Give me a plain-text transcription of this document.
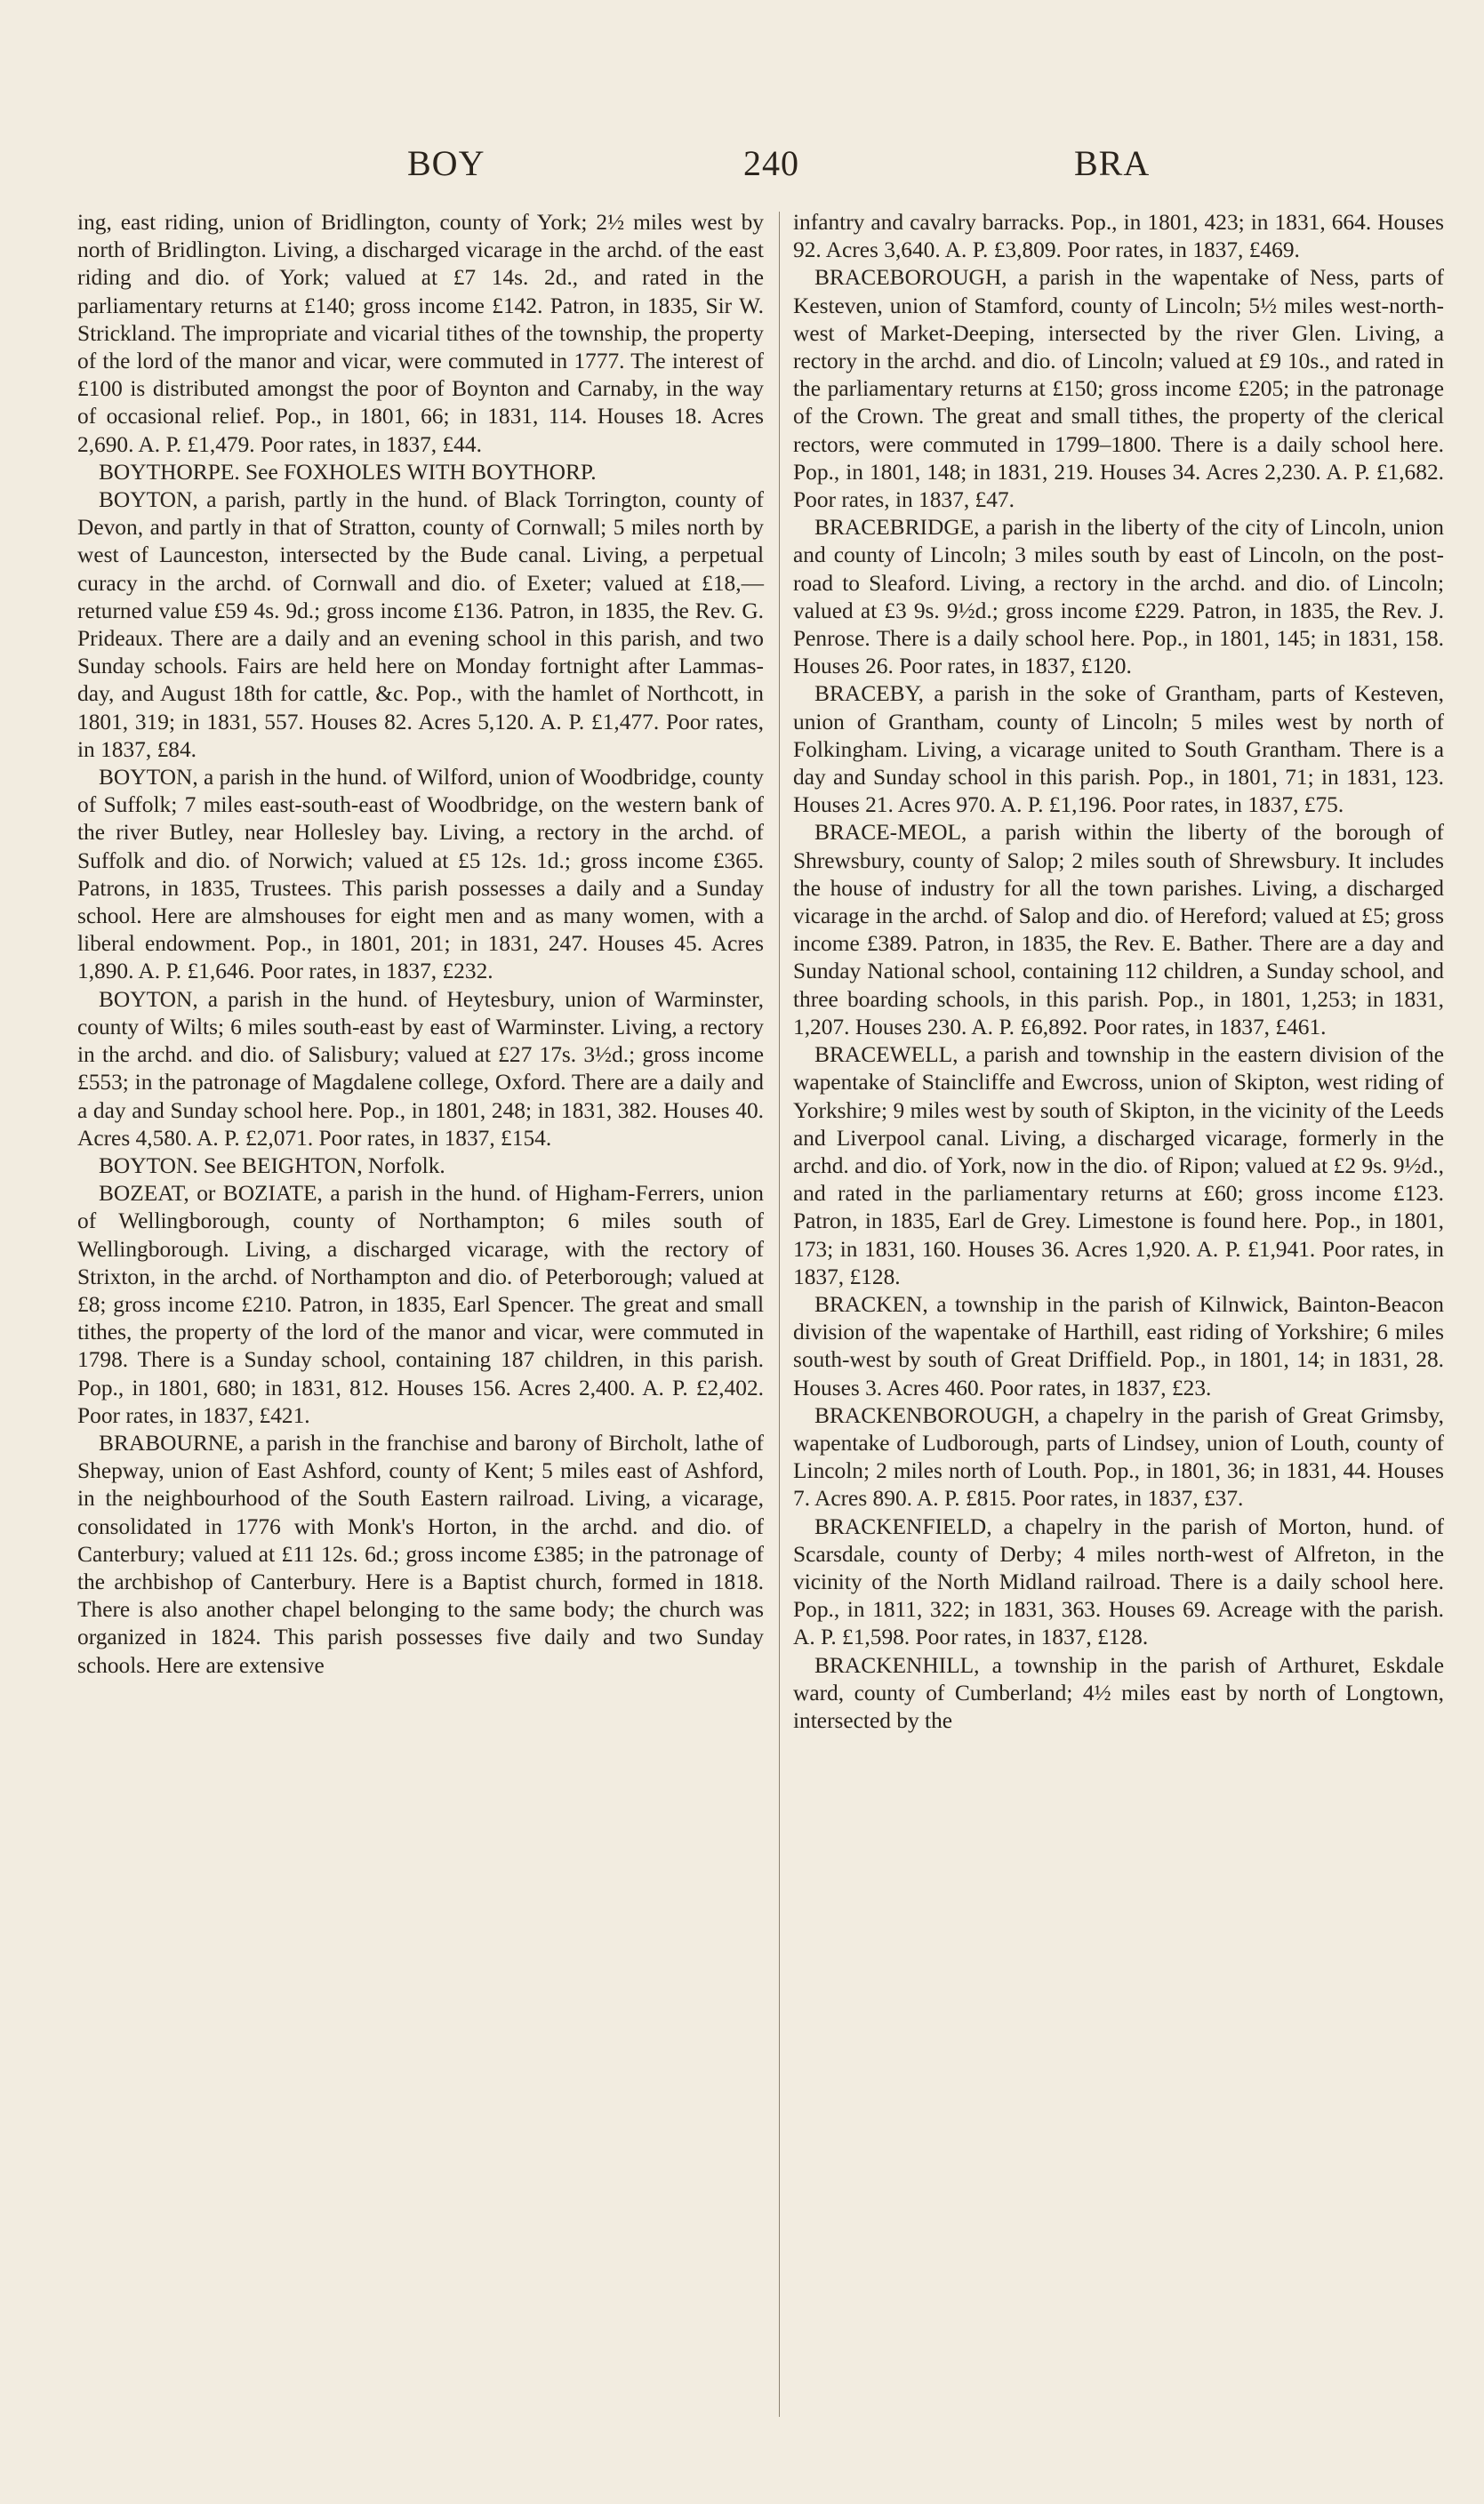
BOY	240	BRA

ing, east riding, union of Bridlington, county of York; 2½ miles west by north of Bridlington. Living, a discharged vicarage in the archd. of the east riding and dio. of York; valued at £7 14s. 2d., and rated in the parliamentary returns at £140; gross income £142. Patron, in 1835, Sir W. Strickland. The impropriate and vicarial tithes of the township, the property of the lord of the manor and vicar, were commuted in 1777. The interest of £100 is distributed amongst the poor of Boynton and Carnaby, in the way of occasional relief. Pop., in 1801, 66; in 1831, 114. Houses 18. Acres 2,690. A. P. £1,479. Poor rates, in 1837, £44.

BOYTHORPE. See FOXHOLES WITH BOYTHORP.

BOYTON, a parish, partly in the hund. of Black Torrington, county of Devon, and partly in that of Stratton, county of Cornwall; 5 miles north by west of Launceston, intersected by the Bude canal. Living, a perpetual curacy in the archd. of Cornwall and dio. of Exeter; valued at £18,—returned value £59 4s. 9d.; gross income £136. Patron, in 1835, the Rev. G. Prideaux. There are a daily and an evening school in this parish, and two Sunday schools. Fairs are held here on Monday fortnight after Lammas-day, and August 18th for cattle, &c. Pop., with the hamlet of Northcott, in 1801, 319; in 1831, 557. Houses 82. Acres 5,120. A. P. £1,477. Poor rates, in 1837, £84.

BOYTON, a parish in the hund. of Wilford, union of Woodbridge, county of Suffolk; 7 miles east-south-east of Woodbridge, on the western bank of the river Butley, near Hollesley bay. Living, a rectory in the archd. of Suffolk and dio. of Norwich; valued at £5 12s. 1d.; gross income £365. Patrons, in 1835, Trustees. This parish possesses a daily and a Sunday school. Here are almshouses for eight men and as many women, with a liberal endowment. Pop., in 1801, 201; in 1831, 247. Houses 45. Acres 1,890. A. P. £1,646. Poor rates, in 1837, £232.

BOYTON, a parish in the hund. of Heytesbury, union of Warminster, county of Wilts; 6 miles south-east by east of Warminster. Living, a rectory in the archd. and dio. of Salisbury; valued at £27 17s. 3½d.; gross income £553; in the patronage of Magdalene college, Oxford. There are a daily and a day and Sunday school here. Pop., in 1801, 248; in 1831, 382. Houses 40. Acres 4,580. A. P. £2,071. Poor rates, in 1837, £154.

BOYTON. See BEIGHTON, Norfolk.

BOZEAT, or BOZIATE, a parish in the hund. of Higham-Ferrers, union of Wellingborough, county of Northampton; 6 miles south of Wellingborough. Living, a discharged vicarage, with the rectory of Strixton, in the archd. of Northampton and dio. of Peterborough; valued at £8; gross income £210. Patron, in 1835, Earl Spencer. The great and small tithes, the property of the lord of the manor and vicar, were commuted in 1798. There is a Sunday school, containing 187 children, in this parish. Pop., in 1801, 680; in 1831, 812. Houses 156. Acres 2,400. A. P. £2,402. Poor rates, in 1837, £421.

BRABOURNE, a parish in the franchise and barony of Bircholt, lathe of Shepway, union of East Ashford, county of Kent; 5 miles east of Ashford, in the neighbourhood of the South Eastern railroad. Living, a vicarage, consolidated in 1776 with Monk's Horton, in the archd. and dio. of Canterbury; valued at £11 12s. 6d.; gross income £385; in the patronage of the archbishop of Canterbury. Here is a Baptist church, formed in 1818. There is also another chapel belonging to the same body; the church was organized in 1824. This parish possesses five daily and two Sunday schools. Here are extensive

infantry and cavalry barracks. Pop., in 1801, 423; in 1831, 664. Houses 92. Acres 3,640. A. P. £3,809. Poor rates, in 1837, £469.

BRACEBOROUGH, a parish in the wapentake of Ness, parts of Kesteven, union of Stamford, county of Lincoln; 5½ miles west-north-west of Market-Deeping, intersected by the river Glen. Living, a rectory in the archd. and dio. of Lincoln; valued at £9 10s., and rated in the parliamentary returns at £150; gross income £205; in the patronage of the Crown. The great and small tithes, the property of the clerical rectors, were commuted in 1799–1800. There is a daily school here. Pop., in 1801, 148; in 1831, 219. Houses 34. Acres 2,230. A. P. £1,682. Poor rates, in 1837, £47.

BRACEBRIDGE, a parish in the liberty of the city of Lincoln, union and county of Lincoln; 3 miles south by east of Lincoln, on the post-road to Sleaford. Living, a rectory in the archd. and dio. of Lincoln; valued at £3 9s. 9½d.; gross income £229. Patron, in 1835, the Rev. J. Penrose. There is a daily school here. Pop., in 1801, 145; in 1831, 158. Houses 26. Poor rates, in 1837, £120.

BRACEBY, a parish in the soke of Grantham, parts of Kesteven, union of Grantham, county of Lincoln; 5 miles west by north of Folkingham. Living, a vicarage united to South Grantham. There is a day and Sunday school in this parish. Pop., in 1801, 71; in 1831, 123. Houses 21. Acres 970. A. P. £1,196. Poor rates, in 1837, £75.

BRACE-MEOL, a parish within the liberty of the borough of Shrewsbury, county of Salop; 2 miles south of Shrewsbury. It includes the house of industry for all the town parishes. Living, a discharged vicarage in the archd. of Salop and dio. of Hereford; valued at £5; gross income £389. Patron, in 1835, the Rev. E. Bather. There are a day and Sunday National school, containing 112 children, a Sunday school, and three boarding schools, in this parish. Pop., in 1801, 1,253; in 1831, 1,207. Houses 230. A. P. £6,892. Poor rates, in 1837, £461.

BRACEWELL, a parish and township in the eastern division of the wapentake of Staincliffe and Ewcross, union of Skipton, west riding of Yorkshire; 9 miles west by south of Skipton, in the vicinity of the Leeds and Liverpool canal. Living, a discharged vicarage, formerly in the archd. and dio. of York, now in the dio. of Ripon; valued at £2 9s. 9½d., and rated in the parliamentary returns at £60; gross income £123. Patron, in 1835, Earl de Grey. Limestone is found here. Pop., in 1801, 173; in 1831, 160. Houses 36. Acres 1,920. A. P. £1,941. Poor rates, in 1837, £128.

BRACKEN, a township in the parish of Kilnwick, Bainton-Beacon division of the wapentake of Harthill, east riding of Yorkshire; 6 miles south-west by south of Great Driffield. Pop., in 1801, 14; in 1831, 28. Houses 3. Acres 460. Poor rates, in 1837, £23.

BRACKENBOROUGH, a chapelry in the parish of Great Grimsby, wapentake of Ludborough, parts of Lindsey, union of Louth, county of Lincoln; 2 miles north of Louth. Pop., in 1801, 36; in 1831, 44. Houses 7. Acres 890. A. P. £815. Poor rates, in 1837, £37.

BRACKENFIELD, a chapelry in the parish of Morton, hund. of Scarsdale, county of Derby; 4 miles north-west of Alfreton, in the vicinity of the North Midland railroad. There is a daily school here. Pop., in 1811, 322; in 1831, 363. Houses 69. Acreage with the parish. A. P. £1,598. Poor rates, in 1837, £128.

BRACKENHILL, a township in the parish of Arthuret, Eskdale ward, county of Cumberland; 4½ miles east by north of Longtown, intersected by the
